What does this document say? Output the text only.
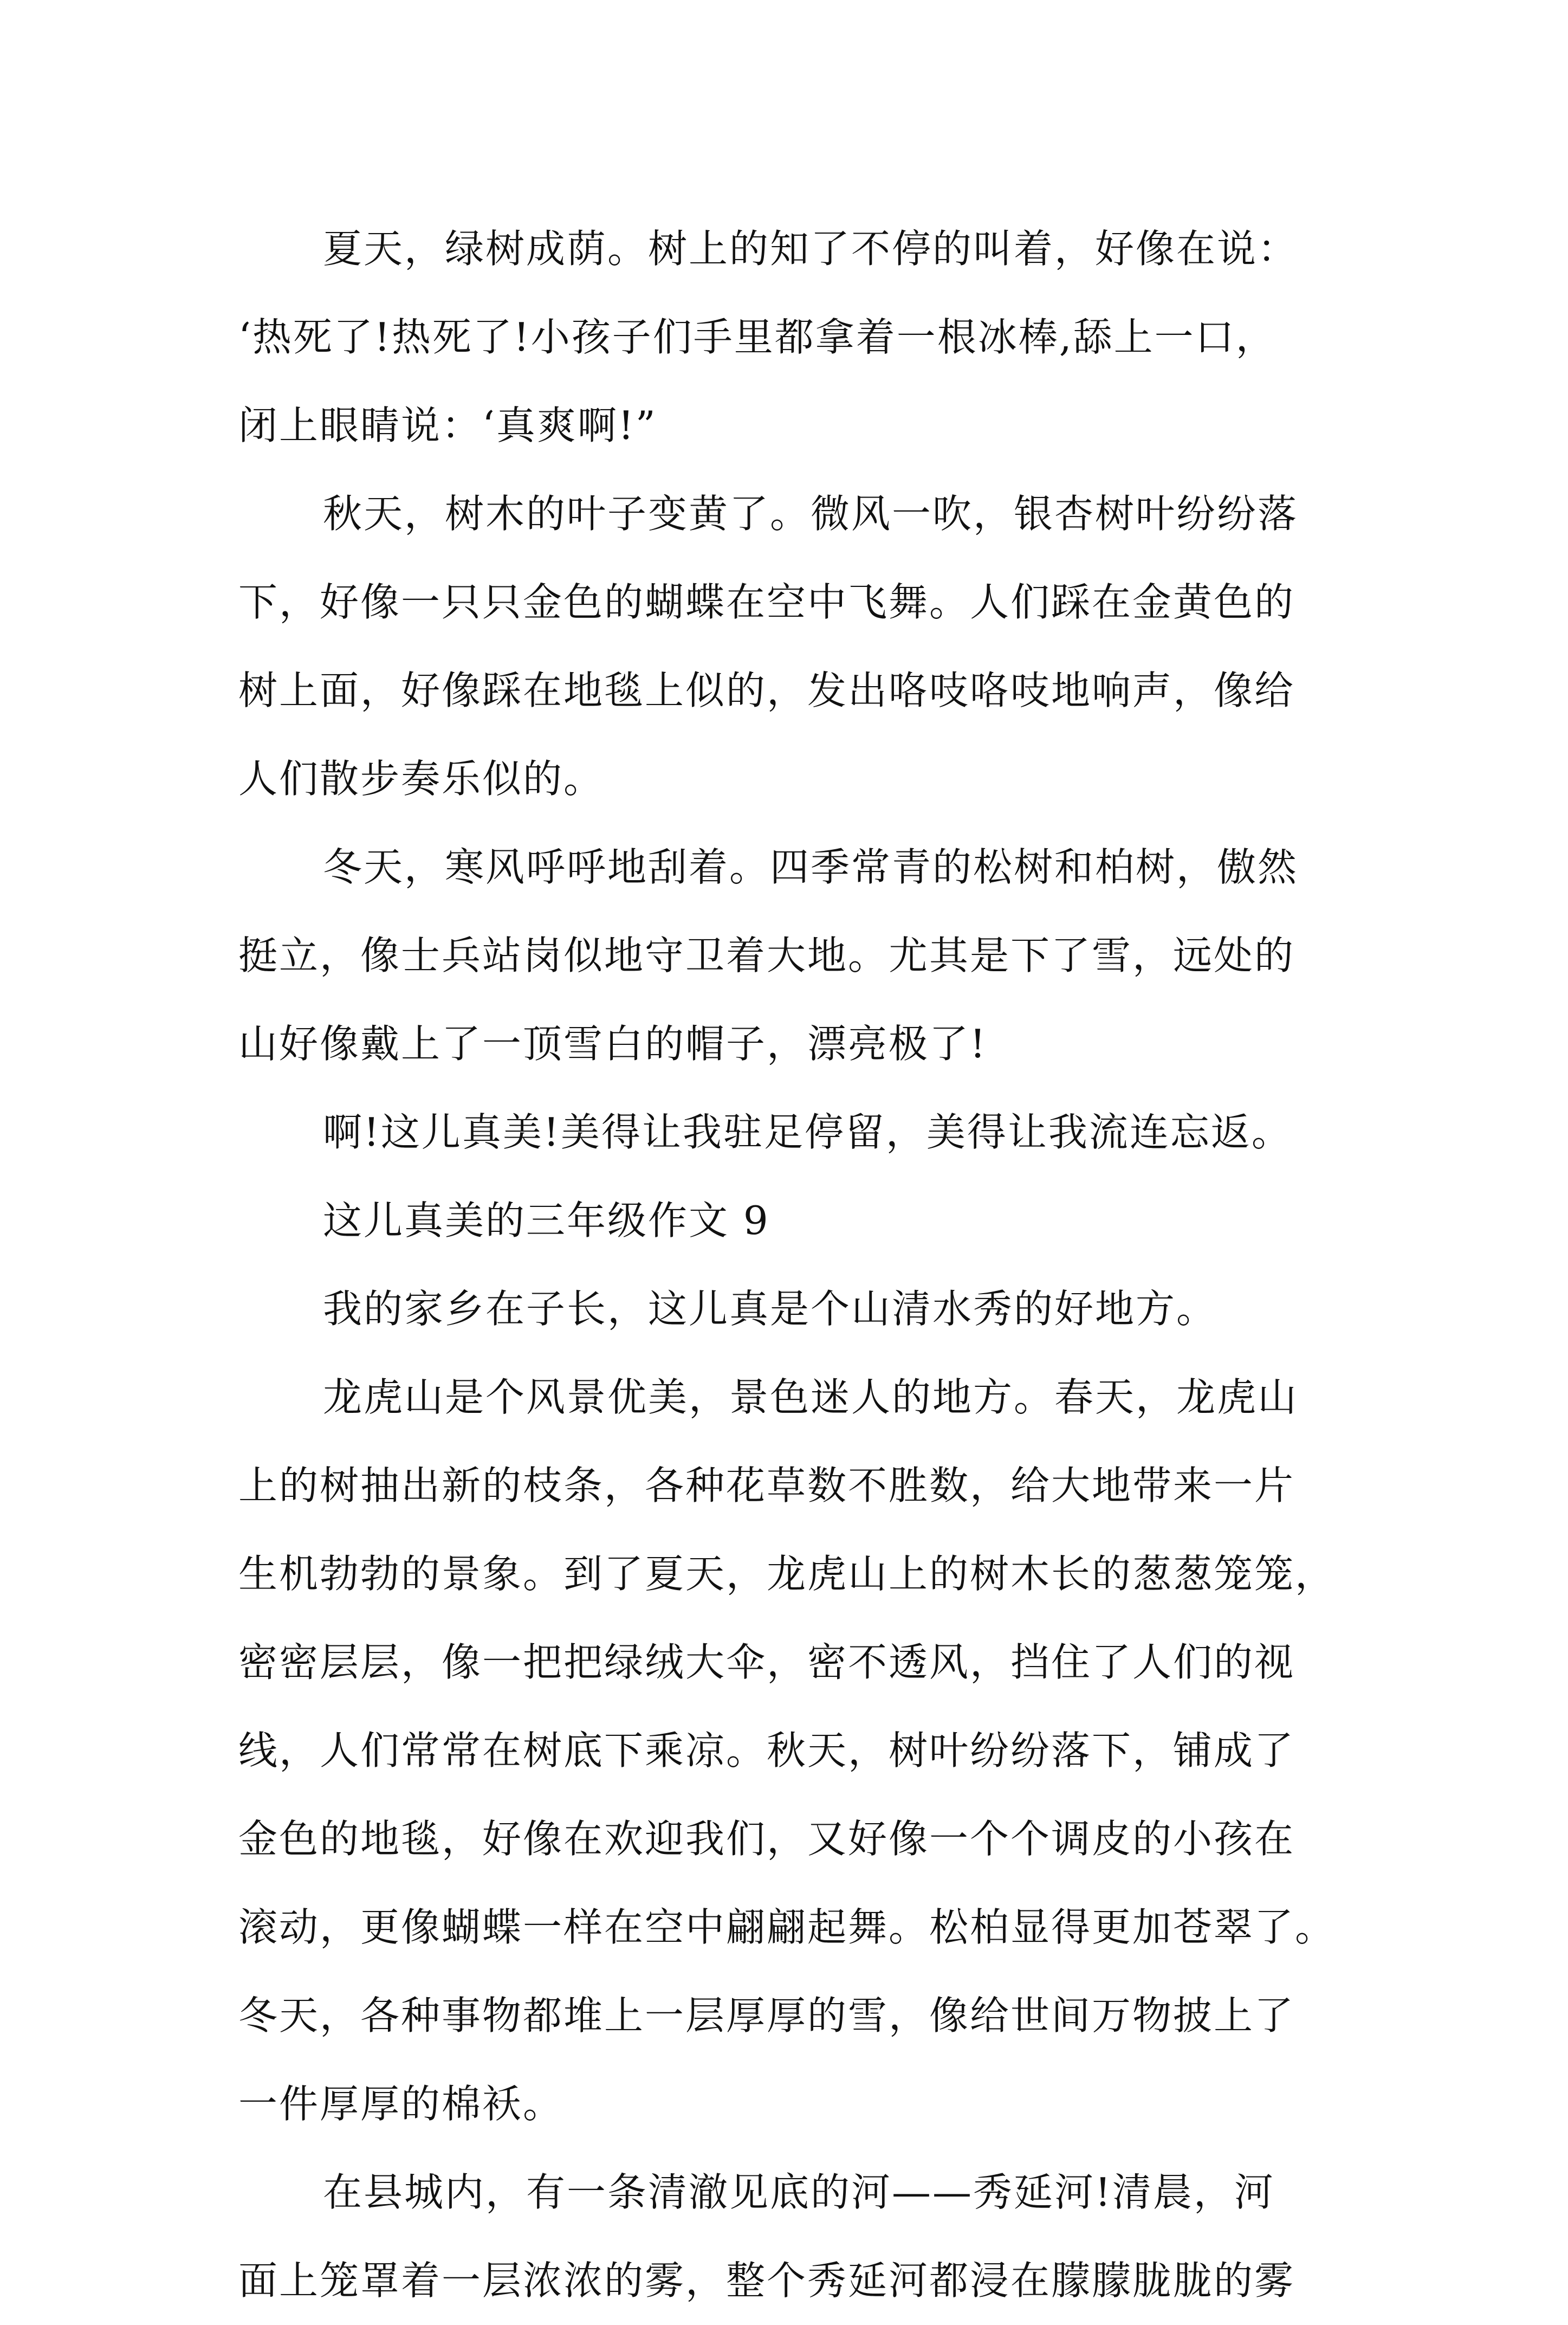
夏天，绿树成荫。树上的知了不停的叫着，好像在说：
‘热死了!热死了!小孩子们手里都拿着一根冰棒,舔上一口，
闭上眼睛说：‘真爽啊!”
秋天，树木的叶子变黄了。微风一吹，银杏树叶纷纷落
下，好像一只只金色的蝴蝶在空中飞舞。人们踩在金黄色的
树上面，好像踩在地毯上似的，发出咯吱咯吱地响声，像给
人们散步奏乐似的。
冬天，寒风呼呼地刮着。四季常青的松树和柏树，傲然
挺立，像士兵站岗似地守卫着大地。尤其是下了雪，远处的
山好像戴上了一顶雪白的帽子，漂亮极了!
啊!这儿真美!美得让我驻足停留，美得让我流连忘返。
这儿真美的三年级作文 9
我的家乡在子长，这儿真是个山清水秀的好地方。
龙虎山是个风景优美，景色迷人的地方。春天，龙虎山
上的树抽出新的枝条，各种花草数不胜数，给大地带来一片
生机勃勃的景象。到了夏天，龙虎山上的树木长的葱葱笼笼，
密密层层，像一把把绿绒大伞，密不透风，挡住了人们的视
线，人们常常在树底下乘凉。秋天，树叶纷纷落下，铺成了
金色的地毯，好像在欢迎我们，又好像一个个调皮的小孩在
滚动，更像蝴蝶一样在空中翩翩起舞。松柏显得更加苍翠了。
冬天，各种事物都堆上一层厚厚的雪，像给世间万物披上了
一件厚厚的棉袄。
在县城内，有一条清澈见底的河——秀延河!清晨，河
面上笼罩着一层浓浓的雾，整个秀延河都浸在朦朦胧胧的雾
